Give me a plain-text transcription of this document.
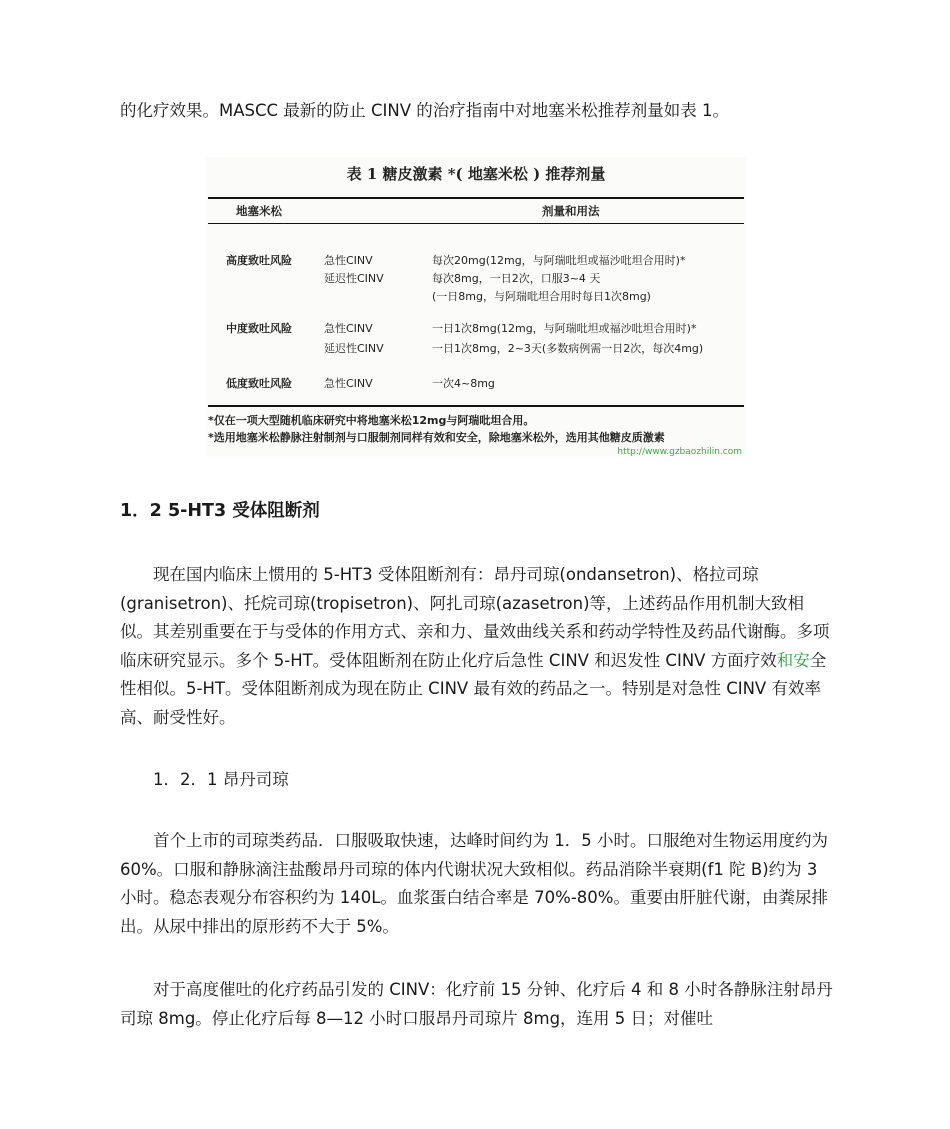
的化疗效果。MASCC 最新的防止 CINV 的治疗指南中对地塞米松推荐剂量如表 1。

表 1 糖皮激素 *( 地塞米松 ) 推荐剂量
地塞米松	剂量和用法
高度致吐风险	急性CINV	每次20mg(12mg，与阿瑞吡坦或福沙吡坦合用时)*
延迟性CINV	每次8mg，一日2次，口服3~4 天
(一日8mg，与阿瑞吡坦合用时每日1次8mg)
中度致吐风险	急性CINV	一日1次8mg(12mg，与阿瑞吡坦或福沙吡坦合用时)*
延迟性CINV	一日1次8mg，2~3天(多数病例需一日2次，每次4mg)
低度致吐风险	急性CINV	一次4~8mg
*仅在一项大型随机临床研究中将地塞米松12mg与阿瑞吡坦合用。
*选用地塞米松静脉注射制剂与口服制剂同样有效和安全，除地塞米松外，选用其他糖皮质激素
http://www.gzbaozhilin.com
1．2 5-HT3 受体阻断剂

现在国内临床上惯用的 5-HT3 受体阻断剂有：昂丹司琼(ondansetron)、格拉司琼(granisetron)、托烷司琼(tropisetron)、阿扎司琼(azasetron)等，上述药品作用机制大致相似。其差别重要在于与受体的作用方式、亲和力、量效曲线关系和药动学特性及药品代谢酶。多项临床研究显示。多个 5-HT。受体阻断剂在防止化疗后急性 CINV 和迟发性 CINV 方面疗效和安全性相似。5-HT。受体阻断剂成为现在防止 CINV 最有效的药品之一。特别是对急性 CINV 有效率高、耐受性好。

1．2．1 昂丹司琼

首个上市的司琼类药品．口服吸取快速，达峰时间约为 1．5 小时。口服绝对生物运用度约为 60%。口服和静脉滴注盐酸昂丹司琼的体内代谢状况大致相似。药品消除半衰期(f1 陀 B)约为 3 小时。稳态表观分布容积约为 140L。血浆蛋白结合率是 70%-80%。重要由肝脏代谢，由粪尿排出。从尿中排出的原形药不大于 5%。

对于高度催吐的化疗药品引发的 CINV：化疗前 15 分钟、化疗后 4 和 8 小时各静脉注射昂丹司琼 8mg。停止化疗后每 8—12 小时口服昂丹司琼片 8mg，连用 5 日；对催吐
